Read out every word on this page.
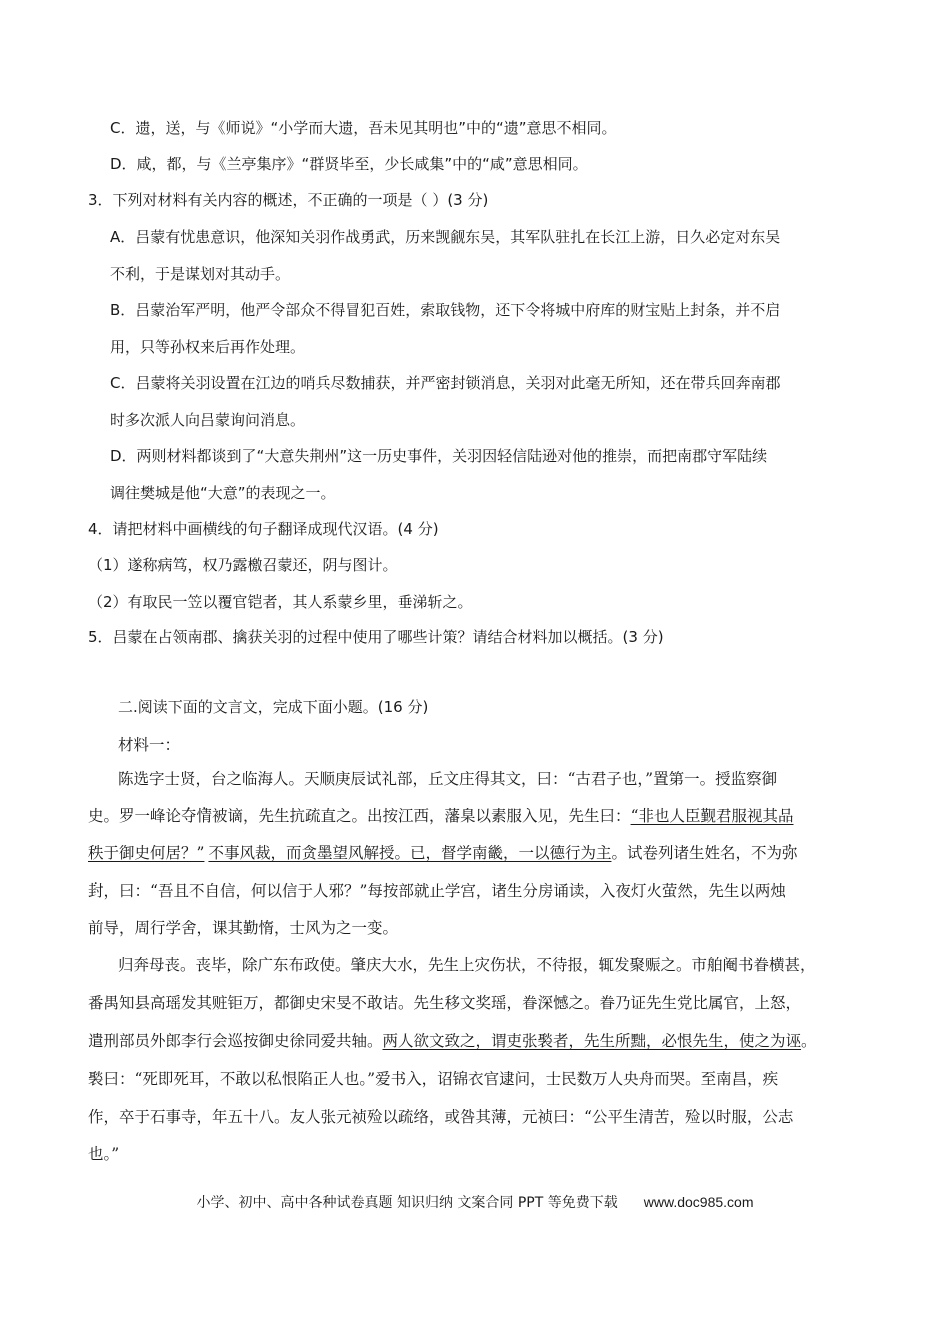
C．遗，送，与《师说》“小学而大遗，吾未见其明也”中的“遗”意思不相同。
D．咸，都，与《兰亭集序》“群贤毕至，少长咸集”中的“咸”意思相同。
3．下列对材料有关内容的概述，不正确的一项是（ ）(3 分)
A．吕蒙有忧患意识，他深知关羽作战勇武，历来觊觎东吴，其军队驻扎在长江上游，日久必定对东吴
不利，于是谋划对其动手。
B．吕蒙治军严明，他严令部众不得冒犯百姓，索取钱物，还下令将城中府库的财宝贴上封条，并不启
用，只等孙权来后再作处理。
C．吕蒙将关羽设置在江边的哨兵尽数捕获，并严密封锁消息，关羽对此毫无所知，还在带兵回奔南郡
时多次派人向吕蒙询问消息。
D．两则材料都谈到了“大意失荆州”这一历史事件，关羽因轻信陆逊对他的推崇，而把南郡守军陆续
调往樊城是他“大意”的表现之一。
4．请把材料中画横线的句子翻译成现代汉语。(4 分)
（1）遂称病笃，权乃露檄召蒙还，阴与图计。
（2）有取民一笠以覆官铠者，其人系蒙乡里，垂涕斩之。
5．吕蒙在占领南郡、擒获关羽的过程中使用了哪些计策？请结合材料加以概括。(3 分)
二.阅读下面的文言文，完成下面小题。(16 分)
材料一：
陈选字士贤，台之临海人。天顺庚辰试礼部，丘文庄得其文，曰：“古君子也，”置第一。授监察御
史。罗一峰论夺情被谪，先生抗疏直之。出按江西，藩臬以素服入见，先生曰：“非也人臣觐君服视其品
秩于御史何居？” 不事风裁，而贪墨望风解授。已，督学南畿，一以德行为主。试卷列诸生姓名，不为弥
封，曰：“吾且不自信，何以信于人邪？”每按部就止学宫，诸生分房诵读，入夜灯火萤然，先生以两烛
前导，周行学舍，课其勤惰，士风为之一变。
归奔母丧。丧毕，除广东布政使。肇庆大水，先生上灾伤状，不待报，辄发聚赈之。市舶阉书眷横甚，
番禺知县高瑶发其赃钜万，都御史宋旻不敢诘。先生移文奖瑶，眷深憾之。眷乃证先生党比属官，上怒，
遣刑部员外郎李行会巡按御史徐同爱共轴。两人欲文致之，谓吏张褧者，先生所黜，必恨先生，使之为诬。
褧曰：“死即死耳，不敢以私恨陷正人也。”爱书入，诏锦衣官逮问，士民数万人央舟而哭。至南昌，疾
作，卒于石事寺，年五十八。友人张元祯殓以疏络，或咎其薄，元祯曰：“公平生清苦，殓以时服，公志
也。”
小学、初中、高中各种试卷真题 知识归纳 文案合同 PPT 等免费下载 www.doc985.com
